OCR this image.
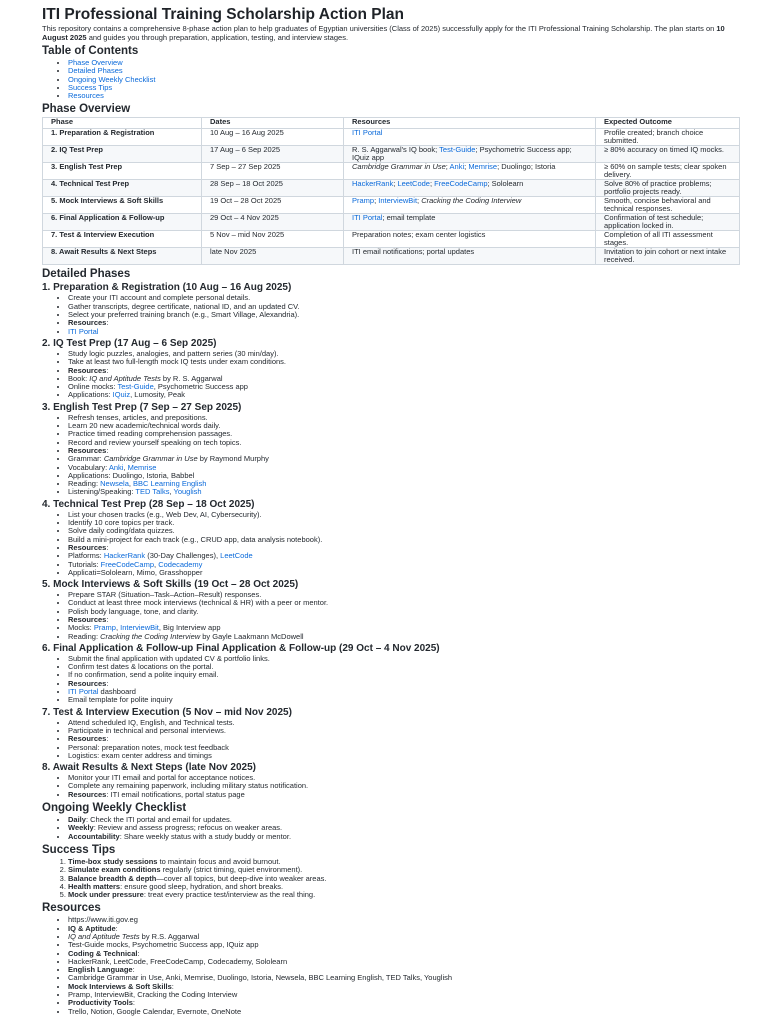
ITI Professional Training Scholarship Action Plan

This repository contains a comprehensive 8-phase action plan to help graduates of Egyptian universities (Class of 2025) successfully apply for the ITI Professional Training Scholarship. The plan starts on 10 August 2025 and guides you through preparation, application, testing, and interview stages.

Table of Contents
• Phase Overview
• Detailed Phases
• Ongoing Weekly Checklist
• Success Tips
• Resources
Phase Overview
Phase	Dates	Resources	Expected Outcome
1. Preparation & Registration	10 Aug – 16 Aug 2025	ITI Portal	Profile created; branch choice submitted.
2. IQ Test Prep	17 Aug – 6 Sep 2025	R. S. Aggarwal's IQ book; Test-Guide; Psychometric Success app; IQuiz app	≥ 80% accuracy on timed IQ mocks.
3. English Test Prep	7 Sep – 27 Sep 2025	Cambridge Grammar in Use; Anki; Memrise; Duolingo; Istoria	≥ 60% on sample tests; clear spoken delivery.
4. Technical Test Prep	28 Sep – 18 Oct 2025	HackerRank; LeetCode; FreeCodeCamp; Sololearn	Solve 80% of practice problems; portfolio projects ready.
5. Mock Interviews & Soft Skills	19 Oct – 28 Oct 2025	Pramp; InterviewBit; Cracking the Coding Interview	Smooth, concise behavioral and technical responses.
6. Final Application & Follow-up	29 Oct – 4 Nov 2025	ITI Portal; email template	Confirmation of test schedule; application locked in.
7. Test & Interview Execution	5 Nov – mid Nov 2025	Preparation notes; exam center logistics	Completion of all ITI assessment stages.
8. Await Results & Next Steps	late Nov 2025	ITI email notifications; portal updates	Invitation to join cohort or next intake received.
Detailed Phases
1. Preparation & Registration (10 Aug – 16 Aug 2025)
• Create your ITI account and complete personal details.
• Gather transcripts, degree certificate, national ID, and an updated CV.
• Select your preferred training branch (e.g., Smart Village, Alexandria).
• Resources:
• ITI Portal
2. IQ Test Prep (17 Aug – 6 Sep 2025)
• Study logic puzzles, analogies, and pattern series (30 min/day).
• Take at least two full-length mock IQ tests under exam conditions.
• Resources:
• Book: IQ and Aptitude Tests by R. S. Aggarwal
• Online mocks: Test-Guide, Psychometric Success app
• Applications: IQuiz, Lumosity, Peak
3. English Test Prep (7 Sep – 27 Sep 2025)
• Refresh tenses, articles, and prepositions.
• Learn 20 new academic/technical words daily.
• Practice timed reading comprehension passages.
• Record and review yourself speaking on tech topics.
• Resources:
• Grammar: Cambridge Grammar in Use by Raymond Murphy
• Vocabulary: Anki, Memrise
• Applications: Duolingo, Istoria, Babbel
• Reading: Newsela, BBC Learning English
• Listening/Speaking: TED Talks, Youglish
4. Technical Test Prep (28 Sep – 18 Oct 2025)
• List your chosen tracks (e.g., Web Dev, AI, Cybersecurity).
• Identify 10 core topics per track.
• Solve daily coding/data quizzes.
• Build a mini-project for each track (e.g., CRUD app, data analysis notebook).
• Resources:
• Platforms: HackerRank (30-Day Challenges), LeetCode
• Tutorials: FreeCodeCamp, Codecademy
• Applicati=Sololearn, Mimo, Grasshopper
5. Mock Interviews & Soft Skills (19 Oct – 28 Oct 2025)
• Prepare STAR (Situation–Task–Action–Result) responses.
• Conduct at least three mock interviews (technical & HR) with a peer or mentor.
• Polish body language, tone, and clarity.
• Resources:
• Mocks: Pramp, InterviewBit, Big Interview app
• Reading: Cracking the Coding Interview by Gayle Laakmann McDowell
6. Final Application & Follow-up Final Application & Follow-up (29 Oct – 4 Nov 2025)
• Submit the final application with updated CV & portfolio links.
• Confirm test dates & locations on the portal.
• If no confirmation, send a polite inquiry email.
• Resources:
• ITI Portal dashboard
• Email template for polite inquiry
7. Test & Interview Execution (5 Nov – mid Nov 2025)
• Attend scheduled IQ, English, and Technical tests.
• Participate in technical and personal interviews.
• Resources:
• Personal: preparation notes, mock test feedback
• Logistics: exam center address and timings
8. Await Results & Next Steps (late Nov 2025)
• Monitor your ITI email and portal for acceptance notices.
• Complete any remaining paperwork, including military status notification.
• Resources: ITI email notifications, portal status page
Ongoing Weekly Checklist
• Daily: Check the ITI portal and email for updates.
• Weekly: Review and assess progress; refocus on weaker areas.
• Accountability: Share weekly status with a study buddy or mentor.
Success Tips
1. Time-box study sessions to maintain focus and avoid burnout.
2. Simulate exam conditions regularly (strict timing, quiet environment).
3. Balance breadth & depth—cover all topics, but deep-dive into weaker areas.
4. Health matters: ensure good sleep, hydration, and short breaks.
5. Mock under pressure: treat every practice test/interview as the real thing.
Resources
• https://www.iti.gov.eg
• IQ & Aptitude:
• IQ and Aptitude Tests by R.S. Aggarwal
• Test-Guide mocks, Psychometric Success app, IQuiz app
• Coding & Technical:
• HackerRank, LeetCode, FreeCodeCamp, Codecademy, Sololearn
• English Language:
• Cambridge Grammar in Use, Anki, Memrise, Duolingo, Istoria, Newsela, BBC Learning English, TED Talks, Youglish
• Mock Interviews & Soft Skills:
• Pramp, InterviewBit, Cracking the Coding Interview
• Productivity Tools:
• Trello, Notion, Google Calendar, Evernote, OneNote
